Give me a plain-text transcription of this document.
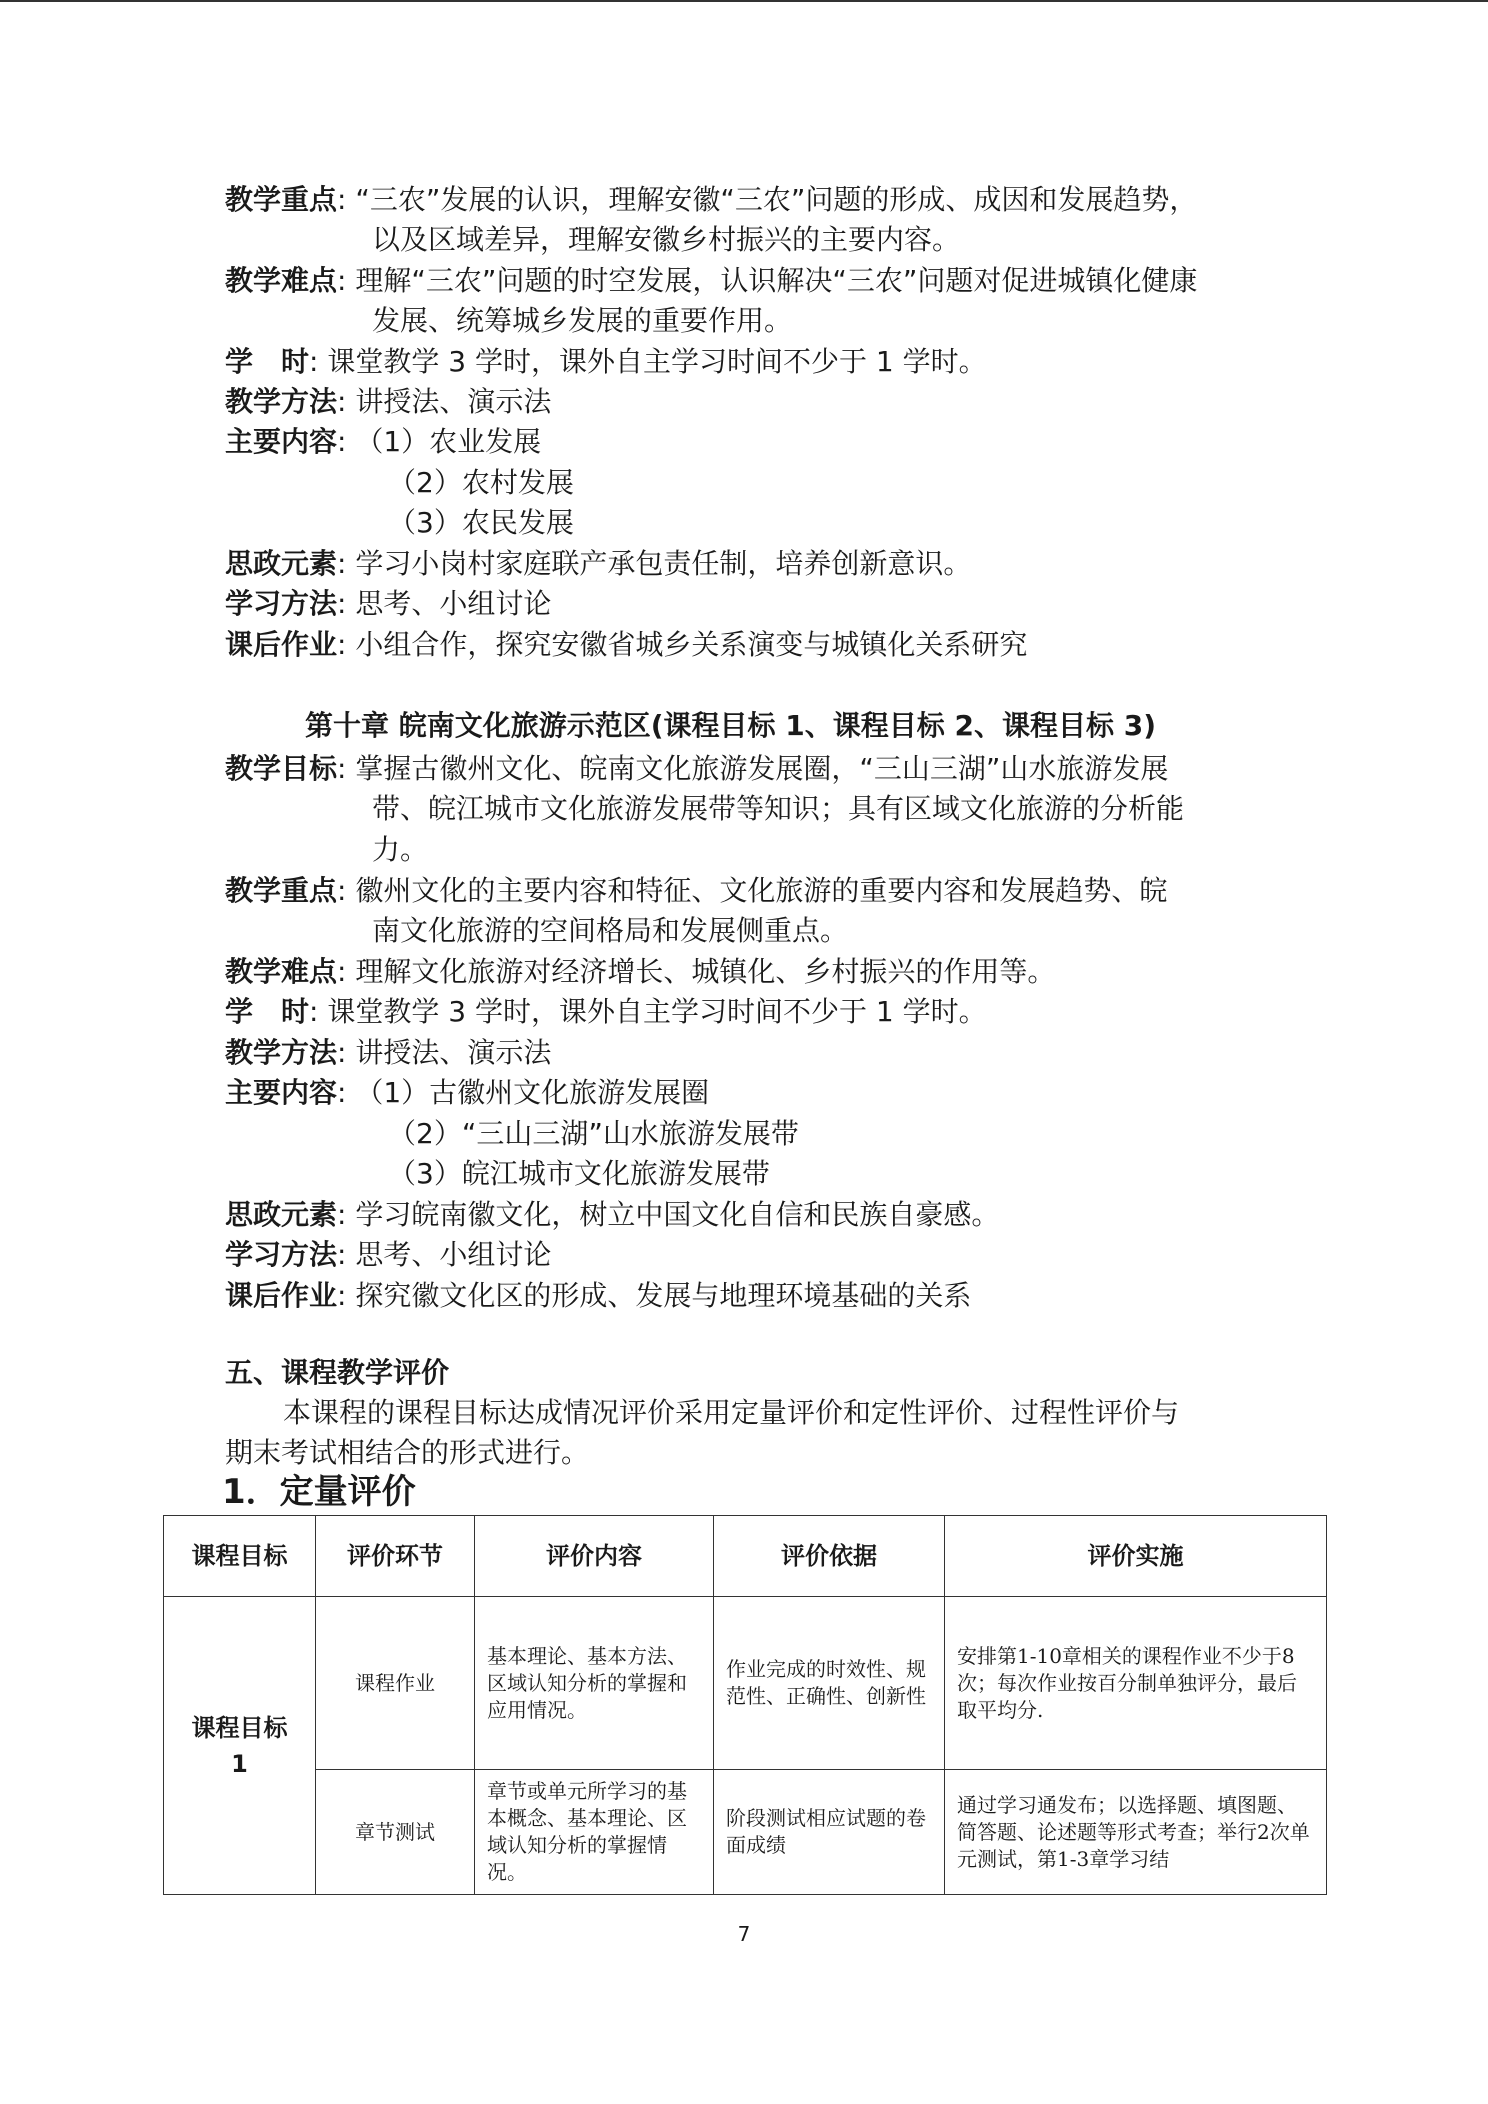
教学重点: “三农”发展的认识，理解安徽“三农”问题的形成、成因和发展趋势，
以及区域差异，理解安徽乡村振兴的主要内容。
教学难点: 理解“三农”问题的时空发展，认识解决“三农”问题对促进城镇化健康
发展、统筹城乡发展的重要作用。
学　时: 课堂教学 3 学时，课外自主学习时间不少于 1 学时。
教学方法: 讲授法、演示法
主要内容: （1）农业发展
（2）农村发展
（3）农民发展
思政元素: 学习小岗村家庭联产承包责任制，培养创新意识。
学习方法: 思考、小组讨论
课后作业: 小组合作，探究安徽省城乡关系演变与城镇化关系研究
第十章 皖南文化旅游示范区(课程目标 1、课程目标 2、课程目标 3)
教学目标: 掌握古徽州文化、皖南文化旅游发展圈，“三山三湖”山水旅游发展
带、皖江城市文化旅游发展带等知识；具有区域文化旅游的分析能
力。
教学重点: 徽州文化的主要内容和特征、文化旅游的重要内容和发展趋势、皖
南文化旅游的空间格局和发展侧重点。
教学难点: 理解文化旅游对经济增长、城镇化、乡村振兴的作用等。
学　时: 课堂教学 3 学时，课外自主学习时间不少于 1 学时。
教学方法: 讲授法、演示法
主要内容: （1）古徽州文化旅游发展圈
（2）“三山三湖”山水旅游发展带
（3）皖江城市文化旅游发展带
思政元素: 学习皖南徽文化，树立中国文化自信和民族自豪感。
学习方法: 思考、小组讨论
课后作业: 探究徽文化区的形成、发展与地理环境基础的关系
五、课程教学评价
本课程的课程目标达成情况评价采用定量评价和定性评价、过程性评价与
期末考试相结合的形式进行。
1．定量评价
课程目标	评价环节	评价内容	评价依据	评价实施
课程目标
1	课程作业	基本理论、基本方法、区域认知分析的掌握和应用情况。	作业完成的时效性、规范性、正确性、创新性	安排第1-10章相关的课程作业不少于8次；每次作业按百分制单独评分，最后取平均分.
	章节测试	章节或单元所学习的基本概念、基本理论、区域认知分析的掌握情况。	阶段测试相应试题的卷面成绩	通过学习通发布；以选择题、填图题、简答题、论述题等形式考查；举行2次单元测试，第1-3章学习结
7
